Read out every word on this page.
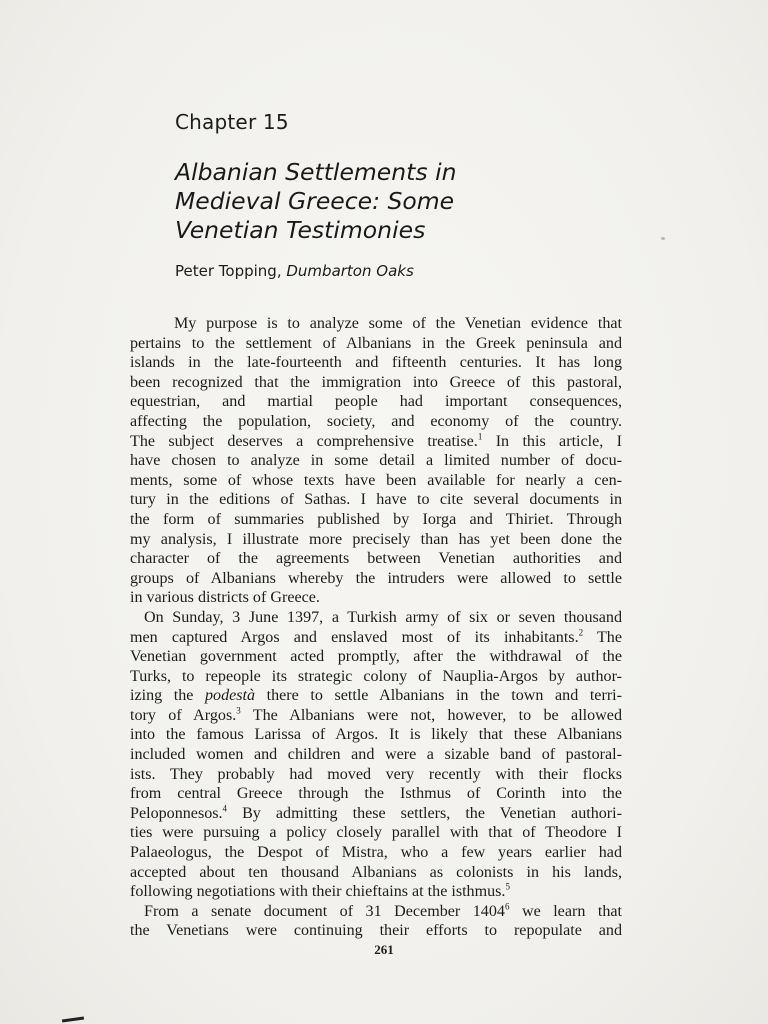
Chapter 15
Albanian Settlements in
Medieval Greece: Some
Venetian Testimonies
Peter Topping, Dumbarton Oaks
My purpose is to analyze some of the Venetian evidence that
pertains to the settlement of Albanians in the Greek peninsula and
islands in the late-fourteenth and fifteenth centuries. It has long
been recognized that the immigration into Greece of this pastoral,
equestrian, and martial people had important consequences,
affecting the population, society, and economy of the country.
The subject deserves a comprehensive treatise.$^1$ In this article, I
have chosen to analyze in some detail a limited number of docu-
ments, some of whose texts have been available for nearly a cen-
tury in the editions of Sathas. I have to cite several documents in
the form of summaries published by Iorga and Thiriet. Through
my analysis, I illustrate more precisely than has yet been done the
character of the agreements between Venetian authorities and
groups of Albanians whereby the intruders were allowed to settle
in various districts of Greece.
On Sunday, 3 June 1397, a Turkish army of six or seven thousand
men captured Argos and enslaved most of its inhabitants.$^2$ The
Venetian government acted promptly, after the withdrawal of the
Turks, to repeople its strategic colony of Nauplia-Argos by author-
izing the podestà there to settle Albanians in the town and terri-
tory of Argos.$^3$ The Albanians were not, however, to be allowed
into the famous Larissa of Argos. It is likely that these Albanians
included women and children and were a sizable band of pastoral-
ists. They probably had moved very recently with their flocks
from central Greece through the Isthmus of Corinth into the
Peloponnesos.$^4$ By admitting these settlers, the Venetian authori-
ties were pursuing a policy closely parallel with that of Theodore I
Palaeologus, the Despot of Mistra, who a few years earlier had
accepted about ten thousand Albanians as colonists in his lands,
following negotiations with their chieftains at the isthmus.$^5$
From a senate document of 31 December 1404$^6$ we learn that
the Venetians were continuing their efforts to repopulate and
261
